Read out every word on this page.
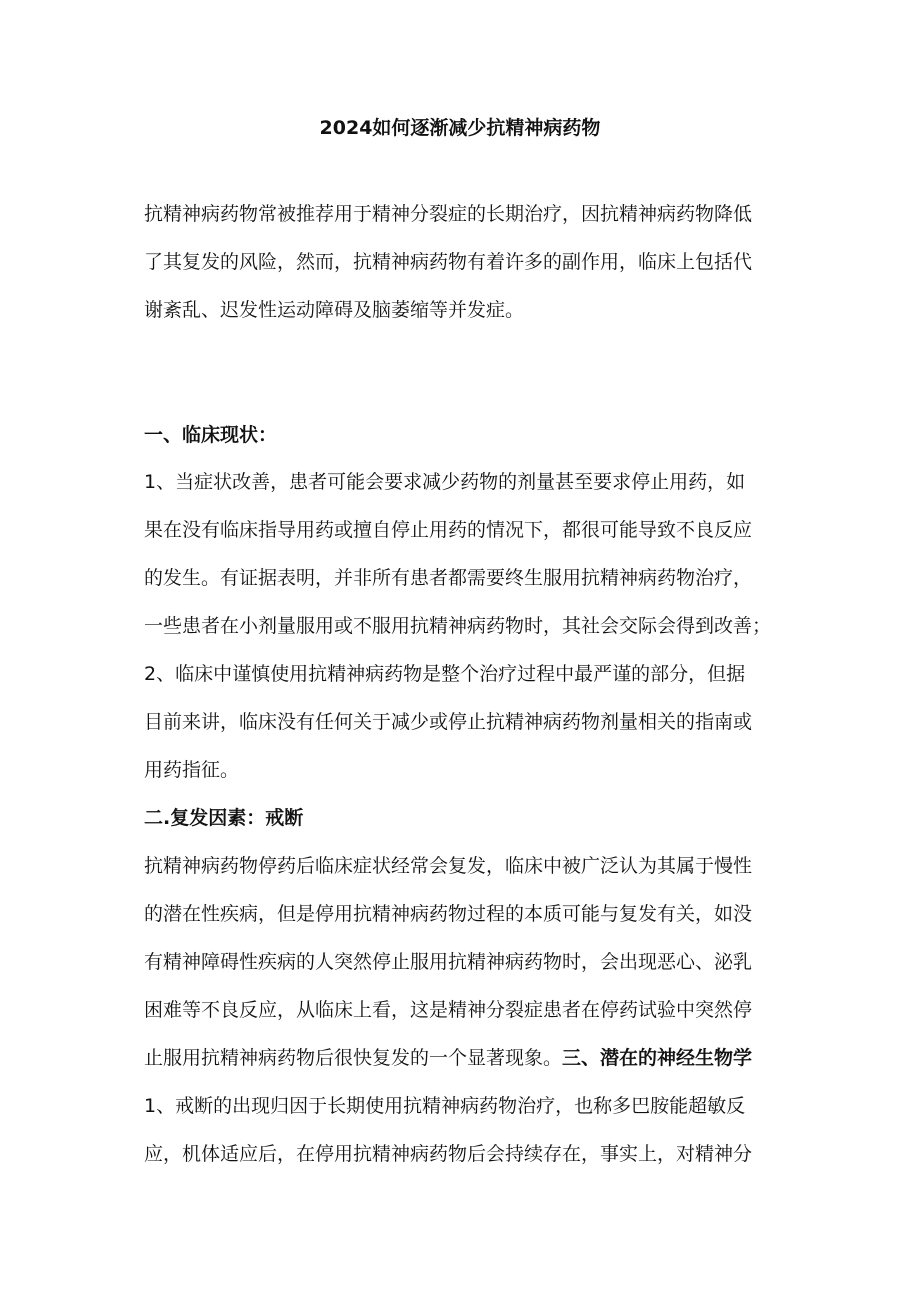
2024如何逐渐减少抗精神病药物
抗精神病药物常被推荐用于精神分裂症的长期治疗，因抗精神病药物降低
了其复发的风险，然而，抗精神病药物有着许多的副作用，临床上包括代
谢紊乱、迟发性运动障碍及脑萎缩等并发症。
一、临床现状：
1、当症状改善，患者可能会要求减少药物的剂量甚至要求停止用药，如
果在没有临床指导用药或擅自停止用药的情况下，都很可能导致不良反应
的发生。有证据表明，并非所有患者都需要终生服用抗精神病药物治疗，
一些患者在小剂量服用或不服用抗精神病药物时，其社会交际会得到改善；
2、临床中谨慎使用抗精神病药物是整个治疗过程中最严谨的部分，但据
目前来讲，临床没有任何关于减少或停止抗精神病药物剂量相关的指南或
用药指征。
二.复发因素：戒断
抗精神病药物停药后临床症状经常会复发，临床中被广泛认为其属于慢性
的潜在性疾病，但是停用抗精神病药物过程的本质可能与复发有关，如没
有精神障碍性疾病的人突然停止服用抗精神病药物时，会出现恶心、泌乳
困难等不良反应，从临床上看，这是精神分裂症患者在停药试验中突然停
止服用抗精神病药物后很快复发的一个显著现象。三、潜在的神经生物学
1、戒断的出现归因于长期使用抗精神病药物治疗，也称多巴胺能超敏反
应，机体适应后，在停用抗精神病药物后会持续存在，事实上，对精神分
